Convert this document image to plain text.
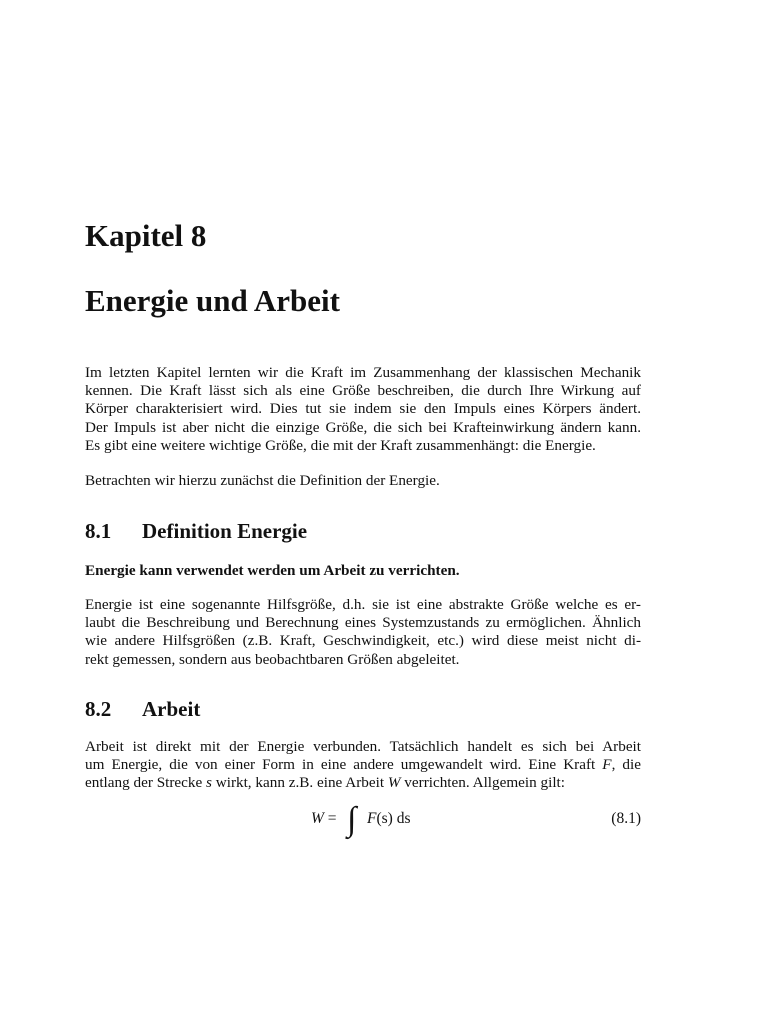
Kapitel 8
Energie und Arbeit

Im letzten Kapitel lernten wir die Kraft im Zusammenhang der klassischen Mechanik
kennen. Die Kraft lässt sich als eine Größe beschreiben, die durch Ihre Wirkung auf
Körper charakterisiert wird. Dies tut sie indem sie den Impuls eines Körpers ändert.
Der Impuls ist aber nicht die einzige Größe, die sich bei Krafteinwirkung ändern kann.
Es gibt eine weitere wichtige Größe, die mit der Kraft zusammenhängt: die Energie.

Betrachten wir hierzu zunächst die Definition der Energie.

8.1 Definition Energie

Energie kann verwendet werden um Arbeit zu verrichten.

Energie ist eine sogenannte Hilfsgröße, d.h. sie ist eine abstrakte Größe welche es er-
laubt die Beschreibung und Berechnung eines Systemzustands zu ermöglichen. Ähnlich
wie andere Hilfsgrößen (z.B. Kraft, Geschwindigkeit, etc.) wird diese meist nicht di-
rekt gemessen, sondern aus beobachtbaren Größen abgeleitet.

8.2 Arbeit

Arbeit ist direkt mit der Energie verbunden. Tatsächlich handelt es sich bei Arbeit
um Energie, die von einer Form in eine andere umgewandelt wird. Eine Kraft F, die
entlang der Strecke s wirkt, kann z.B. eine Arbeit W verrichten. Allgemein gilt:

W = ∫ F(s) ds	(8.1)
